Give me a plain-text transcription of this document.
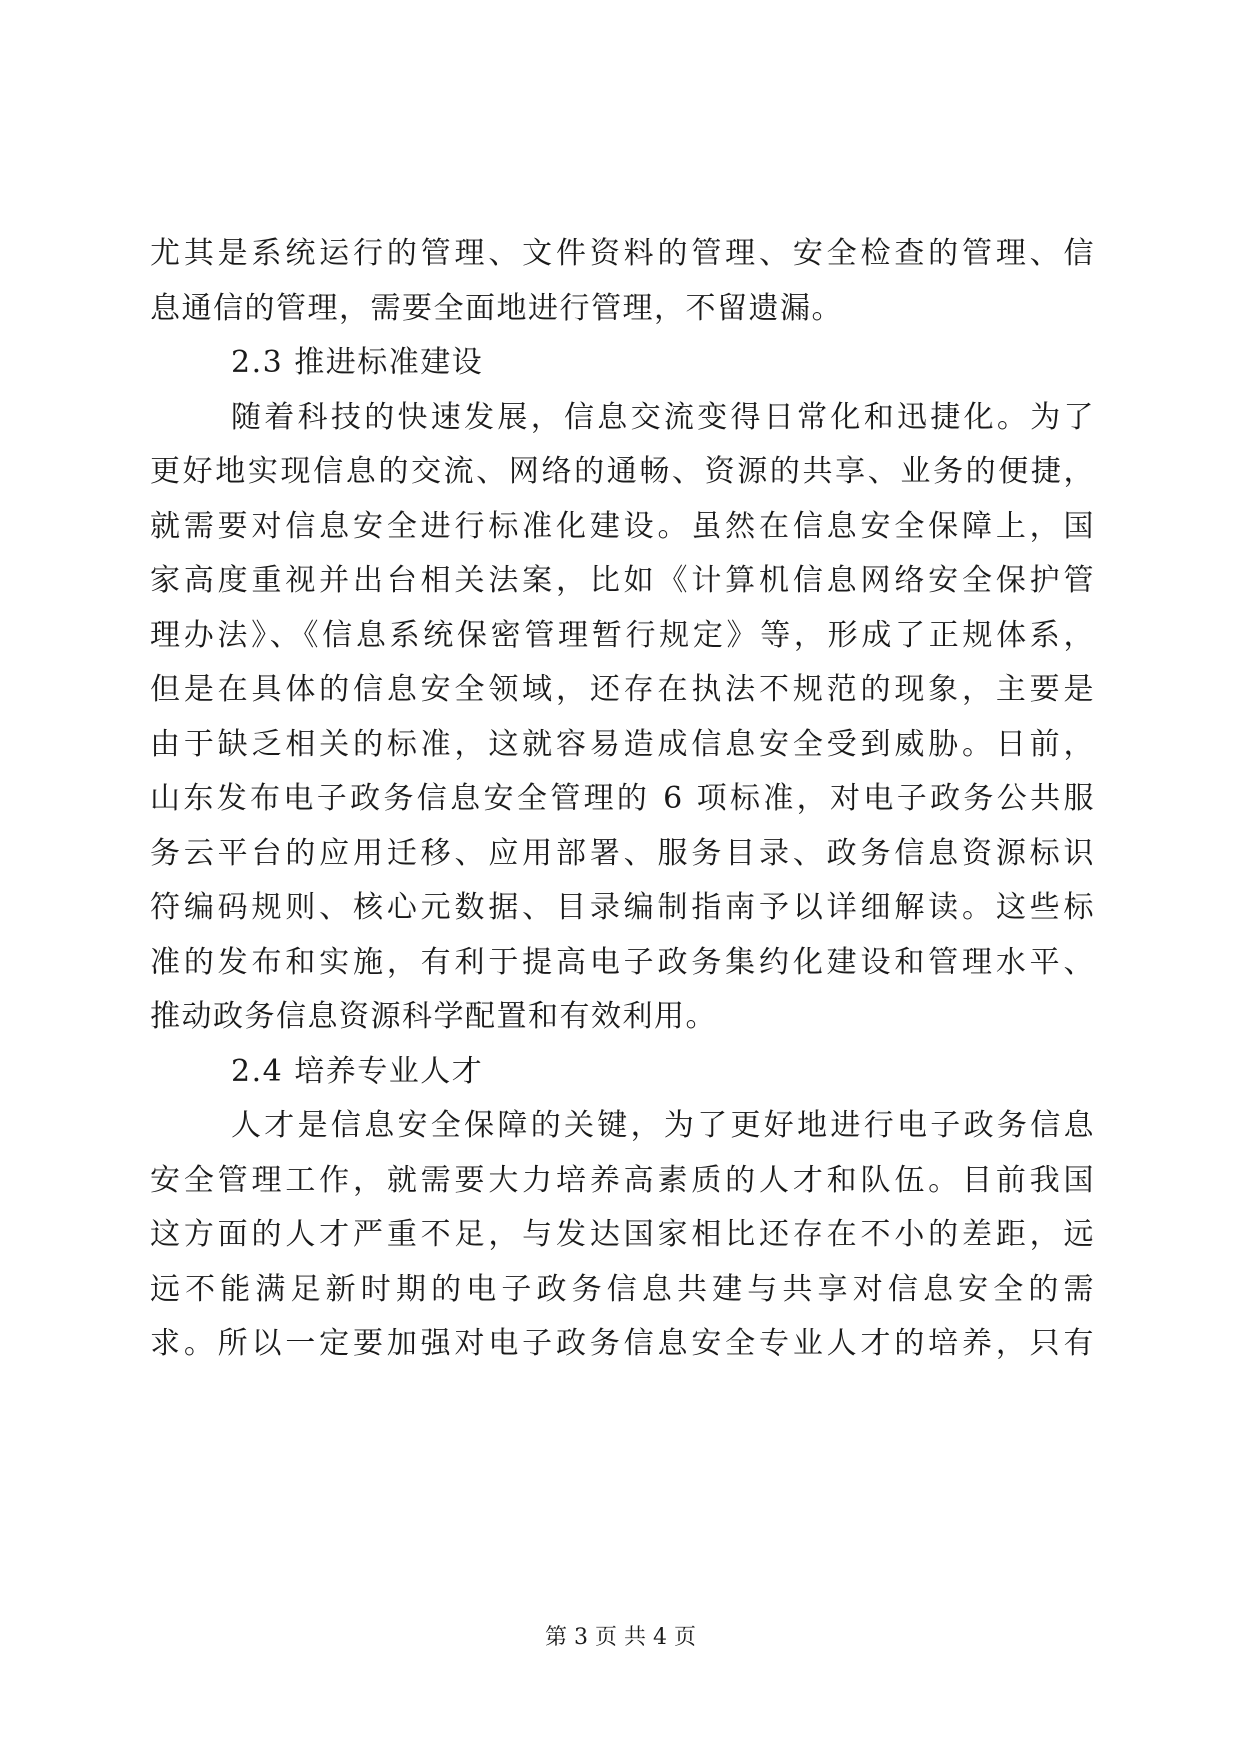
尤其是系统运行的管理、文件资料的管理、安全检查的管理、信
息通信的管理，需要全面地进行管理，不留遗漏。
2.3 推进标准建设
随着科技的快速发展，信息交流变得日常化和迅捷化。为了
更好地实现信息的交流、网络的通畅、资源的共享、业务的便捷，
就需要对信息安全进行标准化建设。虽然在信息安全保障上，国
家高度重视并出台相关法案，比如《计算机信息网络安全保护管
理办法》、《信息系统保密管理暂行规定》等，形成了正规体系，
但是在具体的信息安全领域，还存在执法不规范的现象，主要是
由于缺乏相关的标准，这就容易造成信息安全受到威胁。日前，
山东发布电子政务信息安全管理的 6 项标准，对电子政务公共服
务云平台的应用迁移、应用部署、服务目录、政务信息资源标识
符编码规则、核心元数据、目录编制指南予以详细解读。这些标
准的发布和实施，有利于提高电子政务集约化建设和管理水平、
推动政务信息资源科学配置和有效利用。
2.4 培养专业人才
人才是信息安全保障的关键，为了更好地进行电子政务信息
安全管理工作，就需要大力培养高素质的人才和队伍。目前我国
这方面的人才严重不足，与发达国家相比还存在不小的差距，远
远不能满足新时期的电子政务信息共建与共享对信息安全的需
求。所以一定要加强对电子政务信息安全专业人才的培养，只有
第 3 页 共 4 页
